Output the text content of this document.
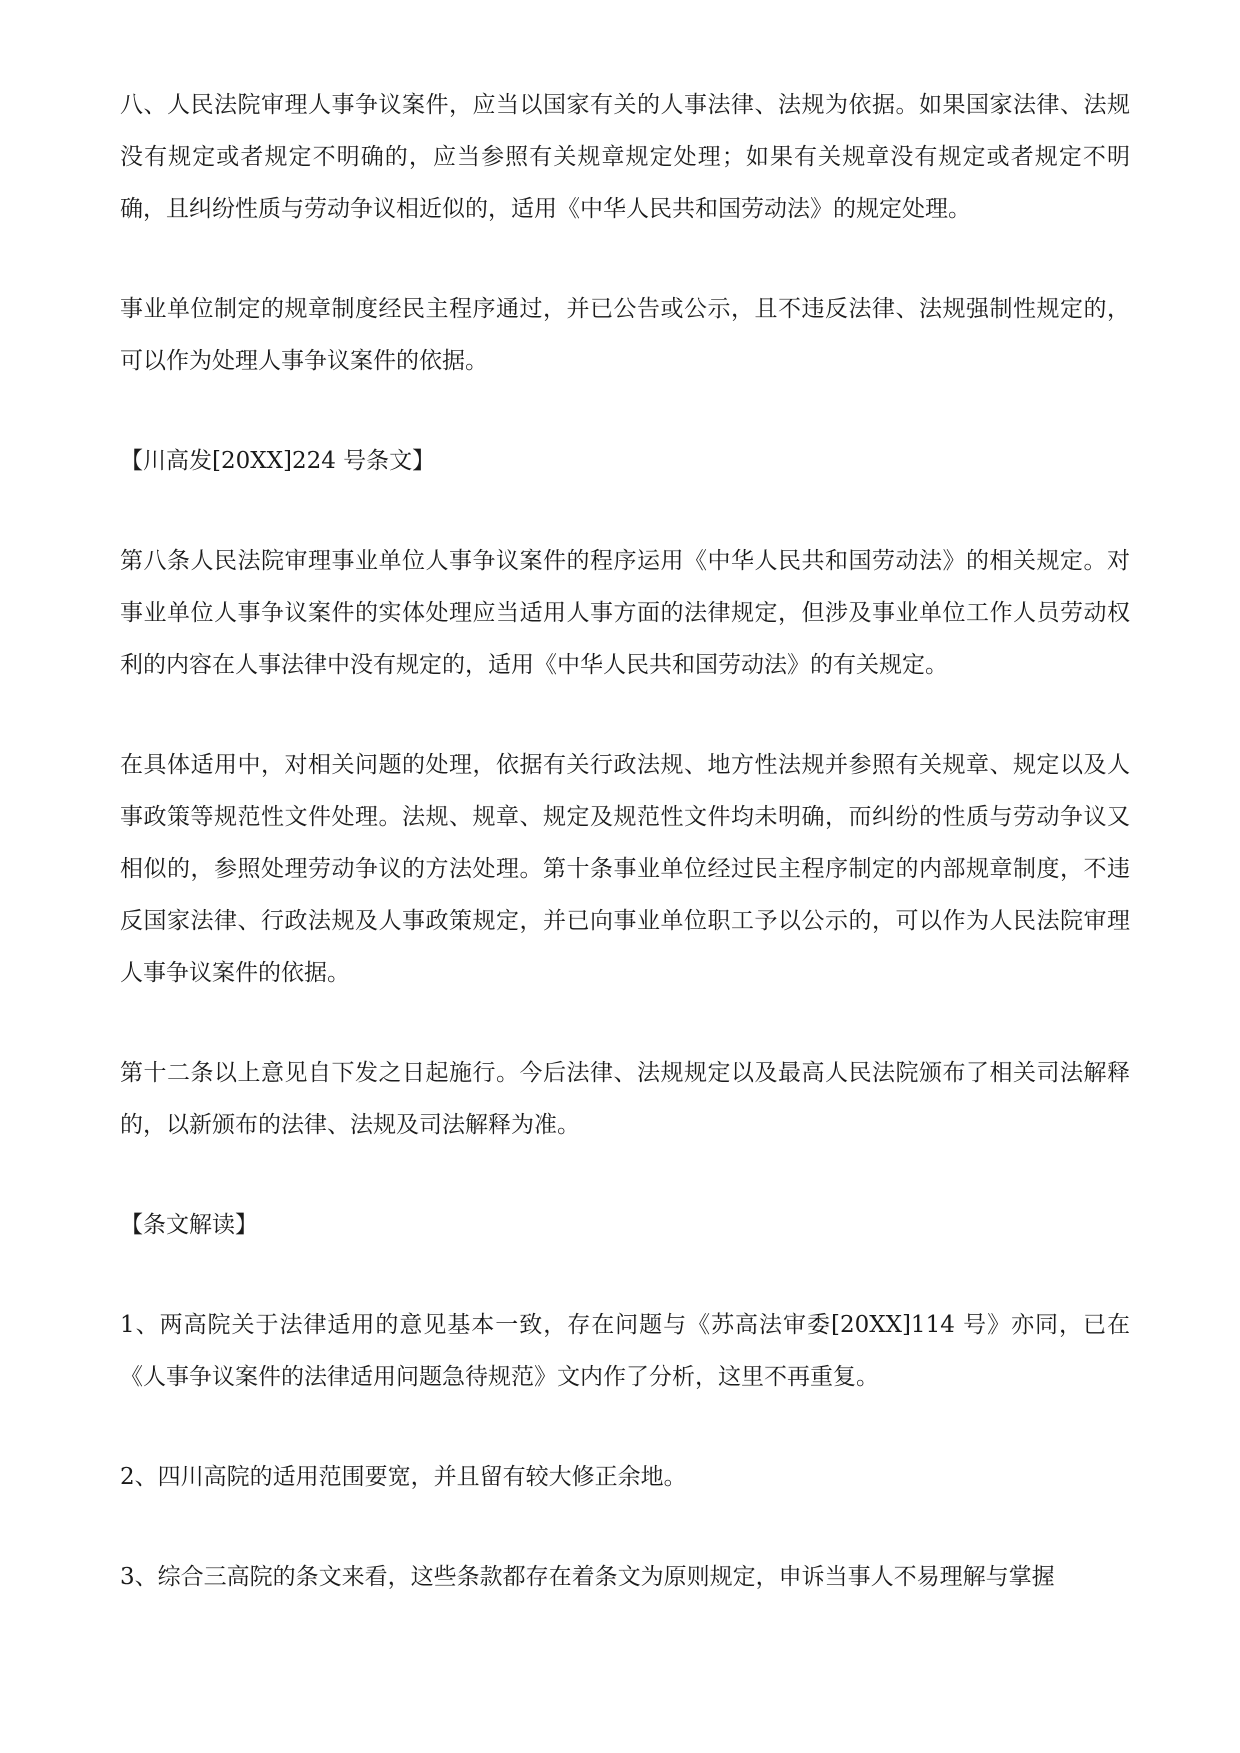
八、人民法院审理人事争议案件，应当以国家有关的人事法律、法规为依据。如果国家法律、法规没有规定或者规定不明确的，应当参照有关规章规定处理；如果有关规章没有规定或者规定不明确，且纠纷性质与劳动争议相近似的，适用《中华人民共和国劳动法》的规定处理。

事业单位制定的规章制度经民主程序通过，并已公告或公示，且不违反法律、法规强制性规定的，可以作为处理人事争议案件的依据。

【川高发[20XX]224 号条文】

第八条人民法院审理事业单位人事争议案件的程序运用《中华人民共和国劳动法》的相关规定。对事业单位人事争议案件的实体处理应当适用人事方面的法律规定，但涉及事业单位工作人员劳动权利的内容在人事法律中没有规定的，适用《中华人民共和国劳动法》的有关规定。

在具体适用中，对相关问题的处理，依据有关行政法规、地方性法规并参照有关规章、规定以及人事政策等规范性文件处理。法规、规章、规定及规范性文件均未明确，而纠纷的性质与劳动争议又相似的，参照处理劳动争议的方法处理。第十条事业单位经过民主程序制定的内部规章制度，不违反国家法律、行政法规及人事政策规定，并已向事业单位职工予以公示的，可以作为人民法院审理人事争议案件的依据。

第十二条以上意见自下发之日起施行。今后法律、法规规定以及最高人民法院颁布了相关司法解释的，以新颁布的法律、法规及司法解释为准。

【条文解读】

1、两高院关于法律适用的意见基本一致，存在问题与《苏高法审委[20XX]114 号》亦同，已在《人事争议案件的法律适用问题急待规范》文内作了分析，这里不再重复。

2、四川高院的适用范围要宽，并且留有较大修正余地。

3、综合三高院的条文来看，这些条款都存在着条文为原则规定，申诉当事人不易理解与掌握
